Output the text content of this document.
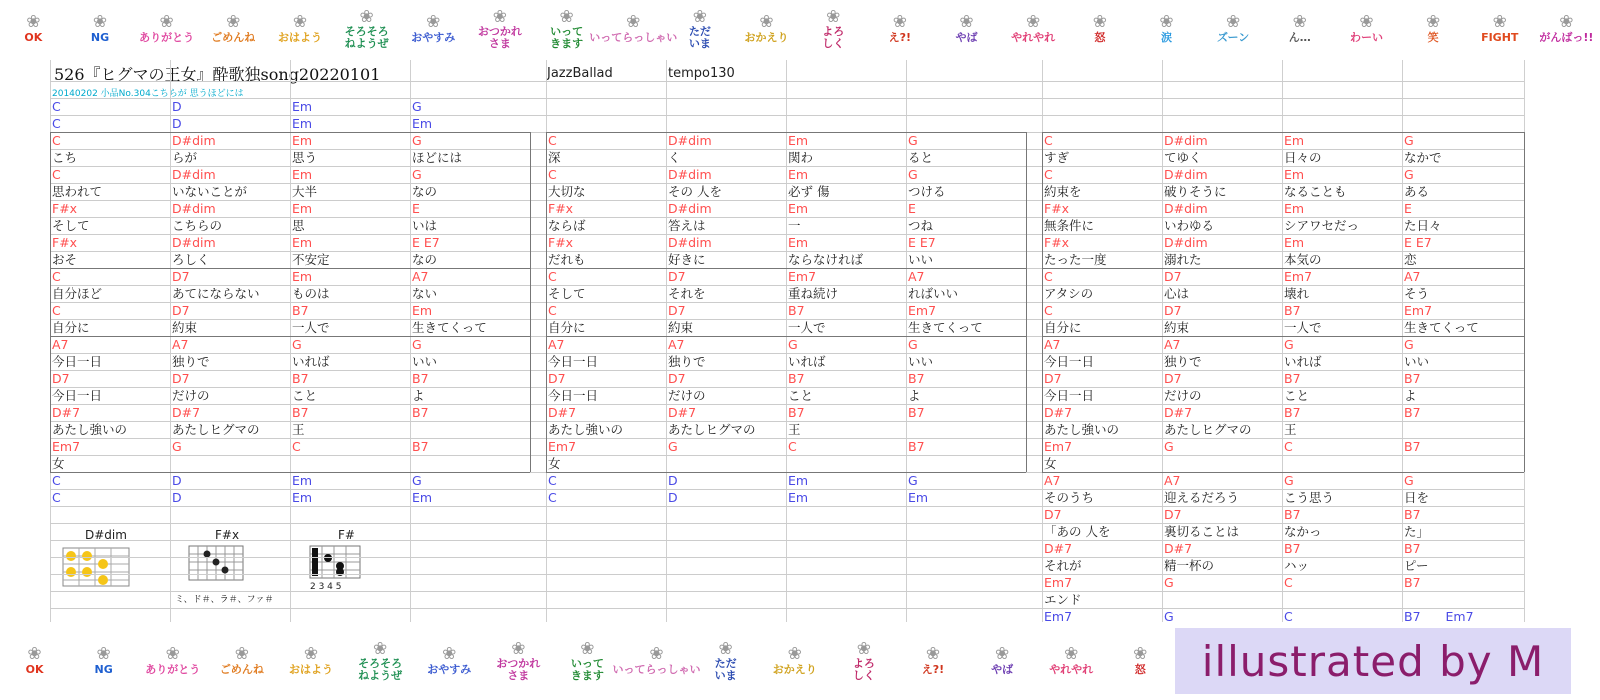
❀
OK
❀
NG
❀
ありがとう
❀
ごめんね
❀
おはよう
❀
そろそろ
ねようぜ
❀
おやすみ
❀
おつかれ
さま
❀
いって
きます
❀
いってらっしゃい
❀
ただ
いま
❀
おかえり
❀
よろ
しく
❀
え?!
❀
やば
❀
やれやれ
❀
怒
❀
涙
❀
ズーン
❀
ん…
❀
わーい
❀
笑
❀
FIGHT
❀
がんばっ!!
526『ヒグマの王女』酔歌独song20220101	JazzBallad	tempo130
20140202 小品No.304こちらが 思うほどには
D#dim	F#x
ミ、ド＃、ラ＃、ファ＃
F#
2 3 4 5
C	D	Em	G
C	D	Em	Em
C	D#dim	Em	G
こち	らが	思う	ほどには
C	D#dim	Em	G
思われて	いないことが	大半	なの
F#x	D#dim	Em	E
そして	こちらの	思	いは
F#x	D#dim	Em	E E7
おそ	ろしく	不安定	なの
C	D#dim	Em	G
深	く	関わ	ると
C	D#dim	Em	G
大切な	その 人を	必ず 傷	つける
F#x	D#dim	Em	E
ならば	答えは	一	つね
F#x	D#dim	Em	E E7
だれも	好きに	ならなければ	いい
C	D#dim	Em	G
すぎ	てゆく	日々の	なかで
C	D#dim	Em	G
約束を	破りそうに	なることも	ある
F#x	D#dim	Em	E
無条件に	いわゆる	シアワセだっ	た日々
F#x	D#dim	Em	E E7
たった一度	溺れた	本気の	恋
C	D7	Em	A7
自分ほど	あてにならない	ものは	ない
C	D7	B7	Em
自分に	約束	一人で	生きてくって
C	D7	Em7	A7
そして	それを	重ね続け	ればいい
C	D7	B7	Em7
自分に	約束	一人で	生きてくって
C	D7	Em7	A7
アタシの	心は	壊れ	そう
C	D7	B7	Em7
自分に	約束	一人で	生きてくって
A7	A7	G	G
今日一日	独りで	いれば	いい
D7	D7	B7	B7
今日一日	だけの	こと	よ
D#7	D#7	B7	B7
あたし強いの	あたしヒグマの	王
Em7	G	C	B7
女
A7	A7	G	G
今日一日	独りで	いれば	いい
D7	D7	B7	B7
今日一日	だけの	こと	よ
D#7	D#7	B7	B7
あたし強いの	あたしヒグマの	王
Em7	G	C	B7
女
A7	A7	G	G
今日一日	独りで	いれば	いい
D7	D7	B7	B7
今日一日	だけの	こと	よ
D#7	D#7	B7	B7
あたし強いの	あたしヒグマの	王
Em7	G	C	B7
女
C	D	Em	G
C	D	Em	Em
C	D	Em	G
C	D	Em	Em
A7	A7	G	G
そのうち	迎えるだろう	こう思う	日を
D7	D7	B7	B7
「あの 人を	裏切ることは	なかっ	た」
D#7	D#7	B7	B7
それが	精一杯の	ハッ	ピー
Em7	G	C	B7
エンド
Em7	G	C	B7　　Em7
❀
OK
❀
NG
❀
ありがとう
❀
ごめんね
❀
おはよう
❀
そろそろ
ねようぜ
❀
おやすみ
❀
おつかれ
さま
❀
いって
きます
❀
いってらっしゃい
❀
ただ
いま
❀
おかえり
❀
よろ
しく
❀
え?!
❀
やば
❀
やれやれ
❀
怒	illustrated by M
